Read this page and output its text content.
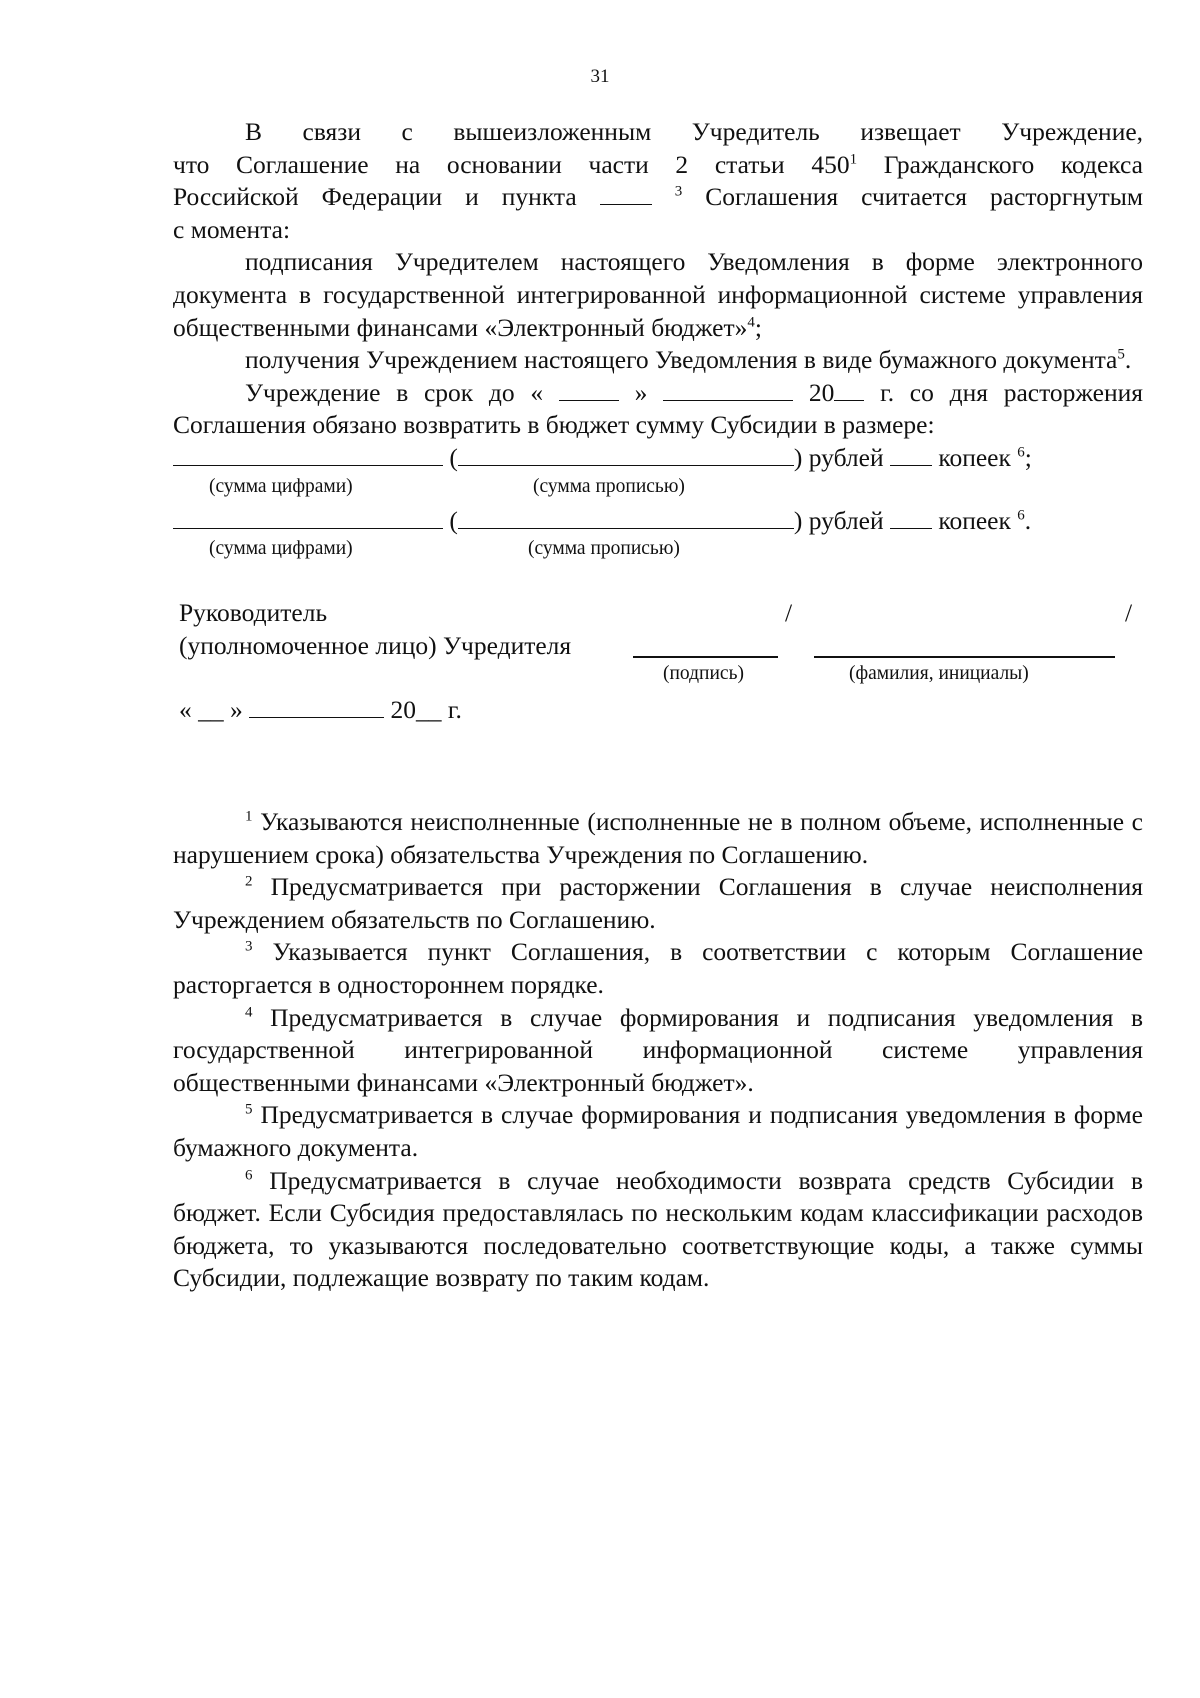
31

В связи с вышеизложенным Учредитель извещает Учреждение,

что Соглашение на основании части 2 статьи $450^1$ Гражданского кодекса

Российской Федерации и пункта	$^3$ Соглашения считается расторгнутым

с момента:

подписания Учредителем настоящего Уведомления в форме электронного документа в государственной интегрированной информационной системе управления общественными финансами «Электронный бюджет»$^4$;

получения Учреждением настоящего Уведомления в виде бумажного документа$^5$.

Учреждение в срок до «  »	20 г. со дня расторжения

Соглашения обязано возвратить в бюджет сумму Субсидии в размере:

(	) рублей  копеек $^6$;

(сумма цифрами)	(сумма прописью)

(	) рублей  копеек $^6$.

(сумма цифрами)	(сумма прописью)
Руководитель	/	/
(уполномоченное лицо) Учредителя
(подпись)	(фамилия, инициалы)

« __ »	20__ г.

$^1$ Указываются неисполненные (исполненные не в полном объеме, исполненные с нарушением срока) обязательства Учреждения по Соглашению.

$^2$ Предусматривается при расторжении Соглашения в случае неисполнения Учреждением обязательств по Соглашению.

$^3$ Указывается пункт Соглашения, в соответствии с которым Соглашение расторгается в одностороннем порядке.

$^4$ Предусматривается в случае формирования и подписания уведомления в государственной интегрированной информационной системе управления общественными финансами «Электронный бюджет».

$^5$ Предусматривается в случае формирования и подписания уведомления в форме бумажного документа.

$^6$ Предусматривается в случае необходимости возврата средств Субсидии в бюджет. Если Субсидия предоставлялась по нескольким кодам классификации расходов бюджета, то указываются последовательно соответствующие коды, а также суммы Субсидии, подлежащие возврату по таким кодам.
